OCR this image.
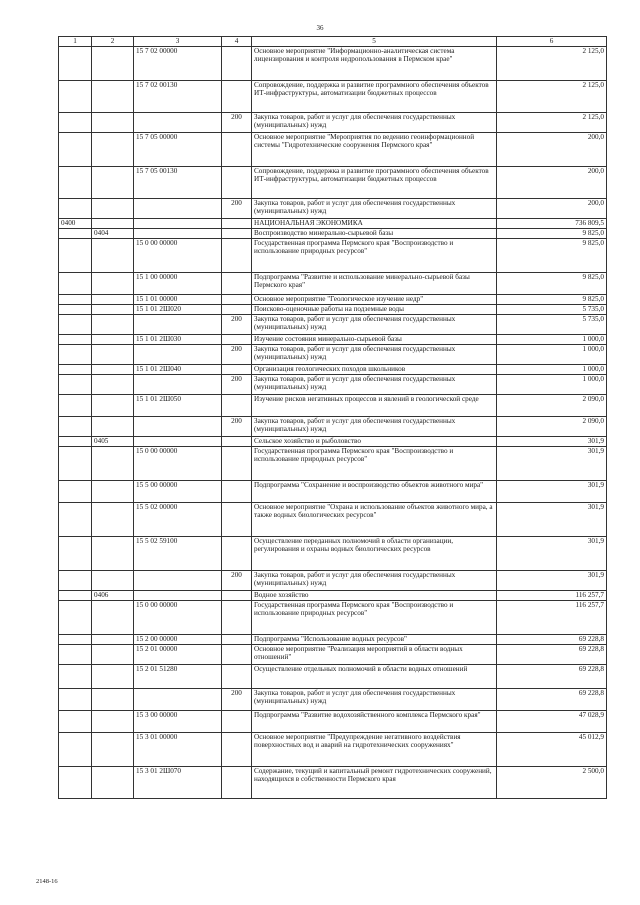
36
1	2	3	4	5	6
		15 7 02 00000		Основное мероприятие "Информационно-аналитическая система лицензирования и контроля недропользования в Пермском крае"	2 125,0
		15 7 02 00130		Сопровождение, поддержка и развитие программного обеспечения объектов ИТ-инфраструктуры, автоматизации бюджетных процессов	2 125,0
			200	Закупка товаров, работ и услуг для обеспечения государственных (муниципальных) нужд	2 125,0
		15 7 05 00000		Основное мероприятие "Мероприятия по ведению геоинформационной системы "Гидротехнические сооружения Пермского края"	200,0
		15 7 05 00130		Сопровождение, поддержка и развитие программного обеспечения объектов ИТ-инфраструктуры, автоматизации бюджетных процессов	200,0
			200	Закупка товаров, работ и услуг для обеспечения государственных (муниципальных) нужд	200,0
0400				НАЦИОНАЛЬНАЯ ЭКОНОМИКА	736 809,5
	0404			Воспроизводство минерально-сырьевой базы	9 825,0
		15 0 00 00000		Государственная программа Пермского края "Воспроизводство и использование природных ресурсов"	9 825,0
		15 1 00 00000		Подпрограмма "Развитие и использование минерально-сырьевой базы Пермского края"	9 825,0
		15 1 01 00000		Основное мероприятие "Геологическое изучение недр"	9 825,0
		15 1 01 2Ш020		Поисково-оценочные работы на подземные воды	5 735,0
			200	Закупка товаров, работ и услуг для обеспечения государственных (муниципальных) нужд	5 735,0
		15 1 01 2Ш030		Изучение состояния минерально-сырьевой базы	1 000,0
			200	Закупка товаров, работ и услуг для обеспечения государственных (муниципальных) нужд	1 000,0
		15 1 01 2Ш040		Организация геологических походов школьников	1 000,0
			200	Закупка товаров, работ и услуг для обеспечения государственных (муниципальных) нужд	1 000,0
		15 1 01 2Ш050		Изучение рисков негативных процессов и явлений в геологической среде	2 090,0
			200	Закупка товаров, работ и услуг для обеспечения государственных (муниципальных) нужд	2 090,0
	0405			Сельское хозяйство и рыболовство	301,9
		15 0 00 00000		Государственная программа Пермского края "Воспроизводство и использование природных ресурсов"	301,9
		15 5 00 00000		Подпрограмма "Сохранение и воспроизводство объектов животного мира"	301,9
		15 5 02 00000		Основное мероприятие "Охрана и использование объектов животного мира, а также водных биологических ресурсов"	301,9
		15 5 02 59100		Осуществление переданных полномочий в области организации, регулирования и охраны водных биологических ресурсов	301,9
			200	Закупка товаров, работ и услуг для обеспечения государственных (муниципальных) нужд	301,9
	0406			Водное хозяйство	116 257,7
		15 0 00 00000		Государственная программа Пермского края "Воспроизводство и использование природных ресурсов"	116 257,7
		15 2 00 00000		Подпрограмма "Использование водных ресурсов"	69 228,8
		15 2 01 00000		Основное мероприятие "Реализация мероприятий в области водных отношений"	69 228,8
		15 2 01 51280		Осуществление отдельных полномочий в области водных отношений	69 228,8
			200	Закупка товаров, работ и услуг для обеспечения государственных (муниципальных) нужд	69 228,8
		15 3 00 00000		Подпрограмма "Развитие водохозяйственного комплекса Пермского края"	47 028,9
		15 3 01 00000		Основное мероприятие "Предупреждение негативного воздействия поверхностных вод и аварий на гидротехнических сооружениях"	45 012,9
		15 3 01 2Ш070		Содержание, текущий и капитальный ремонт гидротехнических сооружений, находящихся в собственности Пермского края	2 500,0
2148-16
